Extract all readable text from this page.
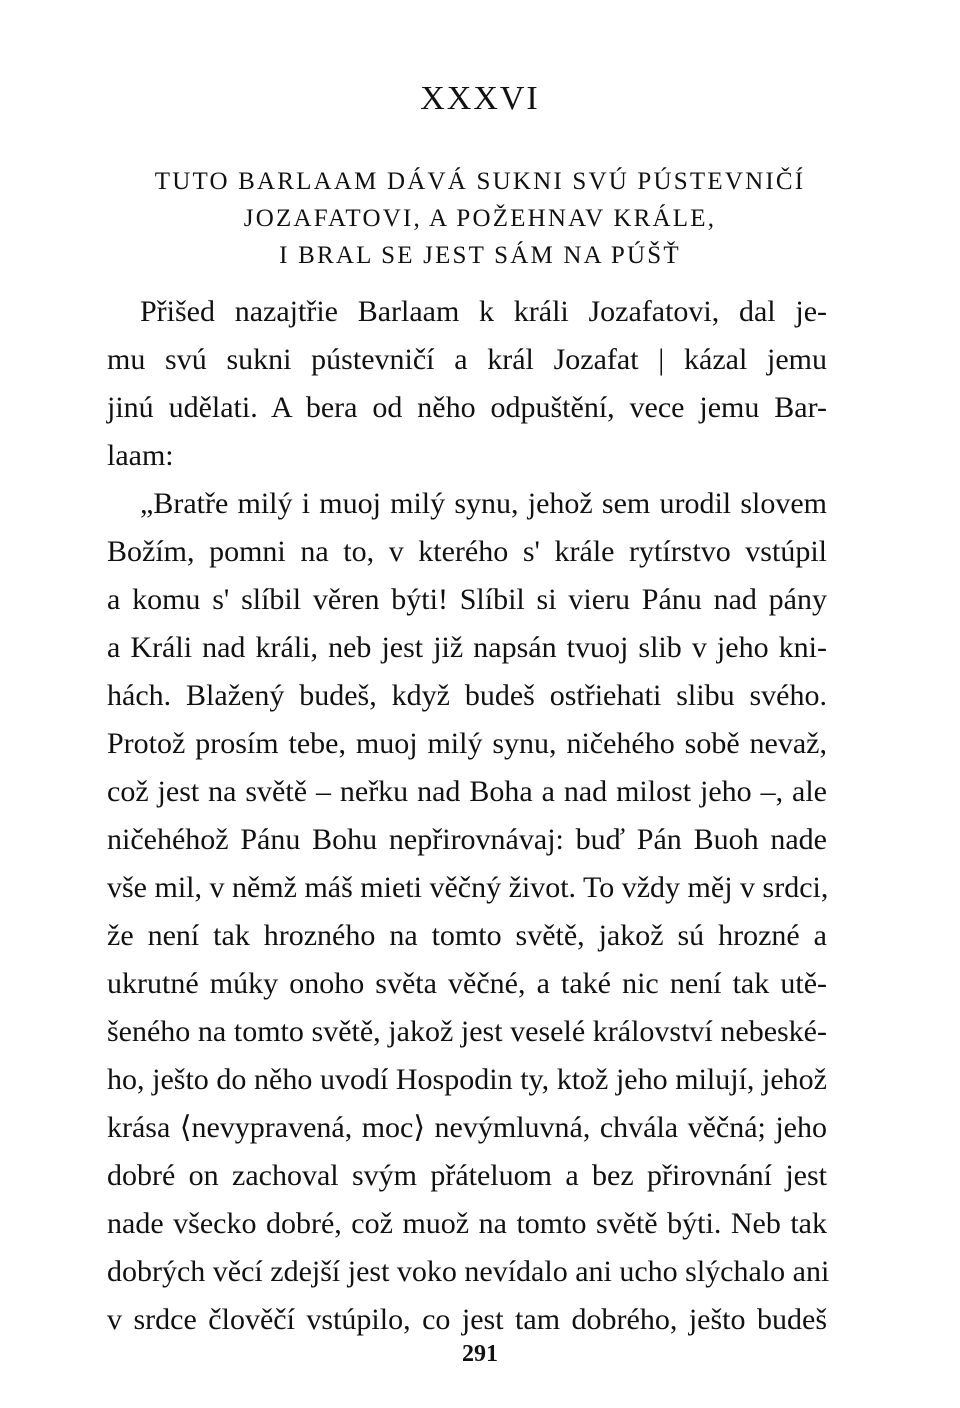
XXXVI
TUTO BARLAAM DÁVÁ SUKNI SVÚ PÚSTEVNIČÍ
JOZAFATOVI, A POŽEHNAV KRÁLE,
I BRAL SE JEST SÁM NA PÚŠŤ
Přišed nazajtřie Barlaam k králi Jozafatovi, dal je-
mu svú sukni pústevničí a král Jozafat | kázal jemu
jinú udělati. A bera od něho odpuštění, vece jemu Bar-
laam:
„Bratře milý i muoj milý synu, jehož sem urodil slovem
Božím, pomni na to, v kterého s' krále rytírstvo vstúpil
a komu s' slíbil věren býti! Slíbil si vieru Pánu nad pány
a Králi nad králi, neb jest již napsán tvuoj slib v jeho kni-
hách. Blažený budeš, když budeš ostřiehati slibu svého.
Protož prosím tebe, muoj milý synu, ničehého sobě nevaž,
což jest na světě – neřku nad Boha a nad milost jeho –, ale
ničehéhož Pánu Bohu nepřirovnávaj: buď Pán Buoh nade
vše mil, v němž máš mieti věčný život. To vždy měj v srdci,
že není tak hrozného na tomto světě, jakož sú hrozné a
ukrutné múky onoho světa věčné, a také nic není tak utě-
šeného na tomto světě, jakož jest veselé království nebeské-
ho, ješto do něho uvodí Hospodin ty, ktož jeho milují, jehož
krása ⟨nevypravená, moc⟩ nevýmluvná, chvála věčná; jeho
dobré on zachoval svým přáteluom a bez přirovnání jest
nade všecko dobré, což muož na tomto světě býti. Neb tak
dobrých věcí zdejší jest voko nevídalo ani ucho slýchalo ani
v srdce člověčí vstúpilo, co jest tam dobrého, ješto budeš
291
